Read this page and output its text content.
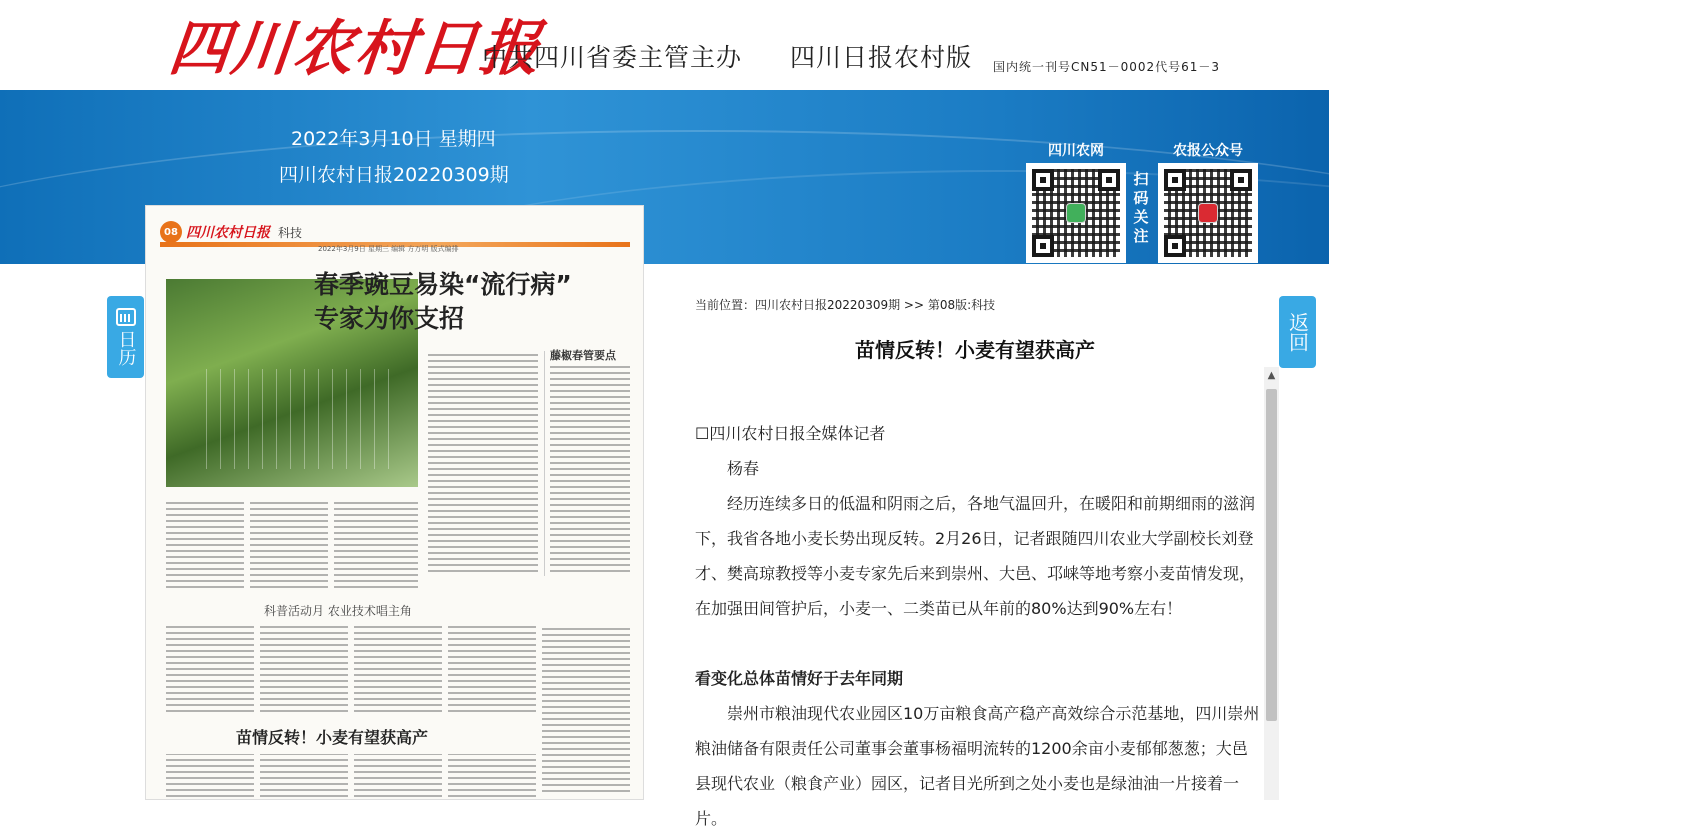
四川农村日报
中共四川省委主管主办 四川日报农村版 国内统一刊号CN51－0002代号61－3
2022年3月10日 星期四
四川农村日报20220309期
四川农网
扫
码
关
注
农报公众号
08 四川农村日报 科技
2022年3月9日 星期三 编辑 方万明 版式编排
春季豌豆易染“流行病”
专家为你支招
藤椒春管要点
科普活动月 农业技术唱主角
苗情反转！小麦有望获高产
日历	返回
当前位置：四川农村日报20220309期 >> 第08版:科技
苗情反转！小麦有望获高产

☐四川农村日报全媒体记者

杨春

经历连续多日的低温和阴雨之后，各地气温回升，在暖阳和前期细雨的滋润下，我省各地小麦长势出现反转。2月26日，记者跟随四川农业大学副校长刘登才、樊高琼教授等小麦专家先后来到崇州、大邑、邛崃等地考察小麦苗情发现，在加强田间管护后，小麦一、二类苗已从年前的80%达到90%左右！

看变化总体苗情好于去年同期

崇州市粮油现代农业园区10万亩粮食高产稳产高效综合示范基地，四川崇州粮油储备有限责任公司董事会董事杨福明流转的1200余亩小麦郁郁葱葱；大邑县现代农业（粮食产业）园区，记者目光所到之处小麦也是绿油油一片接着一片。

▲
